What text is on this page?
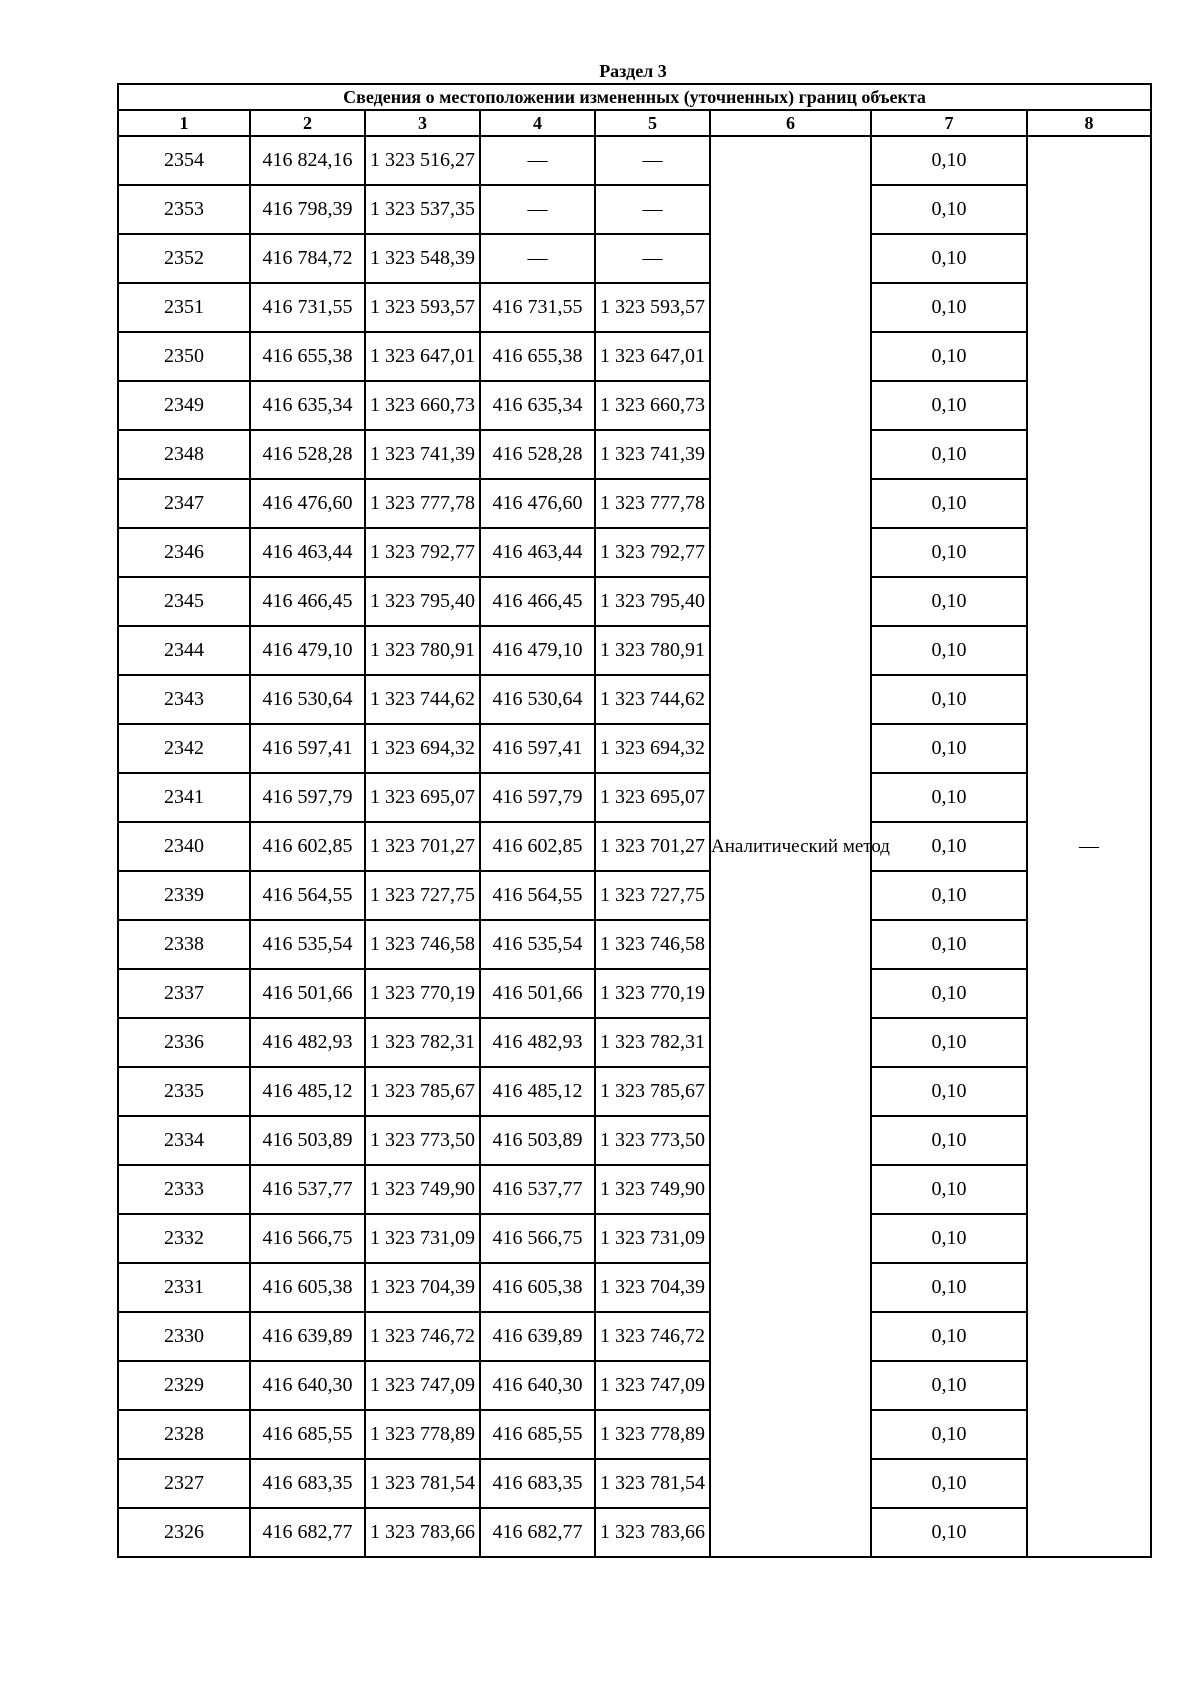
Раздел 3
Сведения о местоположении измененных (уточненных) границ объекта							
1	2	3	4	5	6	7	8
2354	416 824,16	1 323 516,27	—	—	Аналитический метод	0,10	—
2353	416 798,39	1 323 537,35	—	—		0,10	
2352	416 784,72	1 323 548,39	—	—		0,10	
2351	416 731,55	1 323 593,57	416 731,55	1 323 593,57		0,10	
2350	416 655,38	1 323 647,01	416 655,38	1 323 647,01		0,10	
2349	416 635,34	1 323 660,73	416 635,34	1 323 660,73		0,10	
2348	416 528,28	1 323 741,39	416 528,28	1 323 741,39		0,10	
2347	416 476,60	1 323 777,78	416 476,60	1 323 777,78		0,10	
2346	416 463,44	1 323 792,77	416 463,44	1 323 792,77		0,10	
2345	416 466,45	1 323 795,40	416 466,45	1 323 795,40		0,10	
2344	416 479,10	1 323 780,91	416 479,10	1 323 780,91		0,10	
2343	416 530,64	1 323 744,62	416 530,64	1 323 744,62		0,10	
2342	416 597,41	1 323 694,32	416 597,41	1 323 694,32		0,10	
2341	416 597,79	1 323 695,07	416 597,79	1 323 695,07		0,10	
2340	416 602,85	1 323 701,27	416 602,85	1 323 701,27		0,10	
2339	416 564,55	1 323 727,75	416 564,55	1 323 727,75		0,10	
2338	416 535,54	1 323 746,58	416 535,54	1 323 746,58		0,10	
2337	416 501,66	1 323 770,19	416 501,66	1 323 770,19		0,10	
2336	416 482,93	1 323 782,31	416 482,93	1 323 782,31		0,10	
2335	416 485,12	1 323 785,67	416 485,12	1 323 785,67		0,10	
2334	416 503,89	1 323 773,50	416 503,89	1 323 773,50		0,10	
2333	416 537,77	1 323 749,90	416 537,77	1 323 749,90		0,10	
2332	416 566,75	1 323 731,09	416 566,75	1 323 731,09		0,10	
2331	416 605,38	1 323 704,39	416 605,38	1 323 704,39		0,10	
2330	416 639,89	1 323 746,72	416 639,89	1 323 746,72		0,10	
2329	416 640,30	1 323 747,09	416 640,30	1 323 747,09		0,10	
2328	416 685,55	1 323 778,89	416 685,55	1 323 778,89		0,10	
2327	416 683,35	1 323 781,54	416 683,35	1 323 781,54		0,10	
2326	416 682,77	1 323 783,66	416 682,77	1 323 783,66		0,10	
